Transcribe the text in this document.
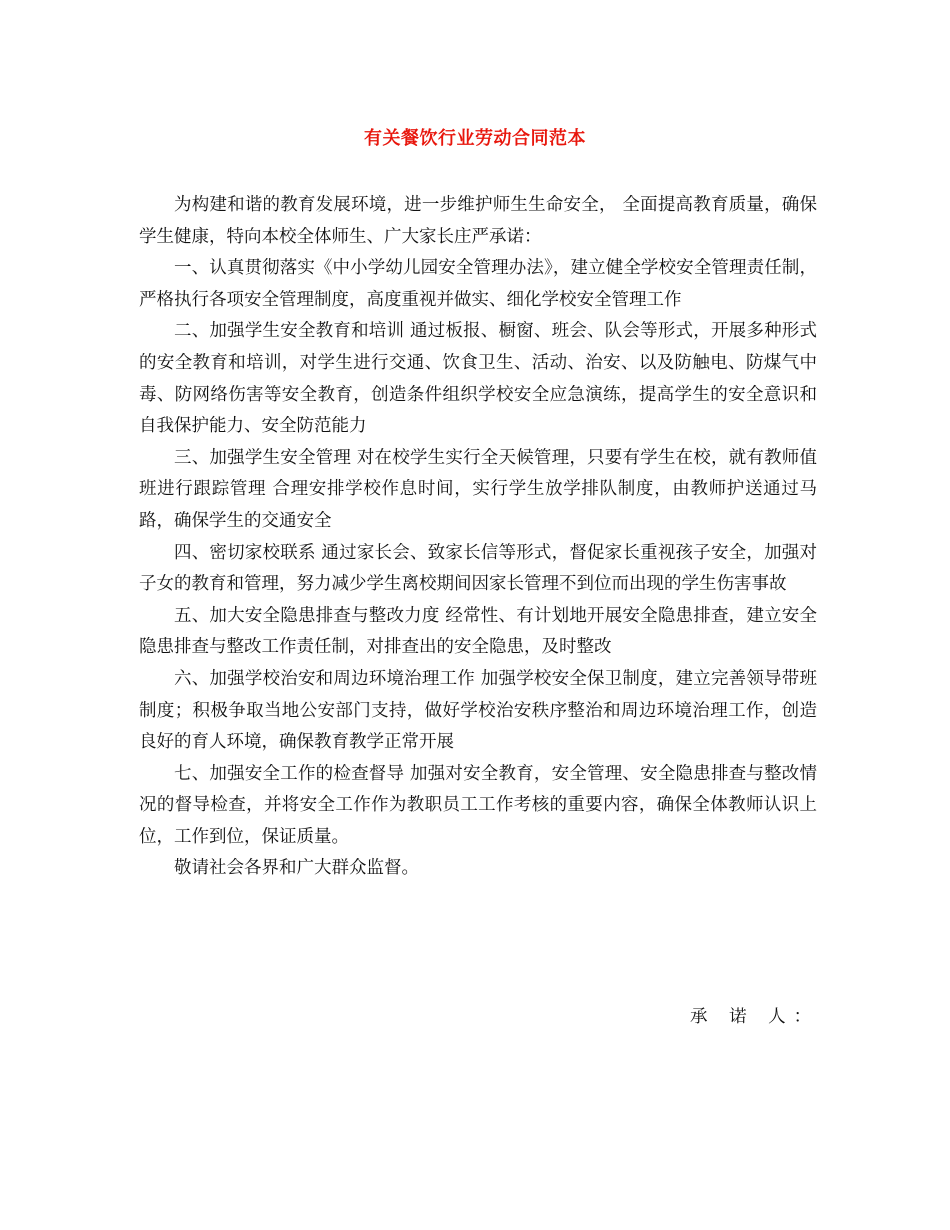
有关餐饮行业劳动合同范本

为构建和谐的教育发展环境，进一步维护师生生命安全， 全面提高教育质量，确保学生健康，特向本校全体师生、广大家长庄严承诺：

一、认真贯彻落实《中小学幼儿园安全管理办法》，建立健全学校安全管理责任制，严格执行各项安全管理制度，高度重视并做实、细化学校安全管理工作

二、加强学生安全教育和培训 通过板报、橱窗、班会、队会等形式，开展多种形式的安全教育和培训，对学生进行交通、饮食卫生、活动、治安、以及防触电、防煤气中毒、防网络伤害等安全教育，创造条件组织学校安全应急演练，提高学生的安全意识和自我保护能力、安全防范能力

三、加强学生安全管理 对在校学生实行全天候管理，只要有学生在校，就有教师值班进行跟踪管理 合理安排学校作息时间，实行学生放学排队制度，由教师护送通过马路，确保学生的交通安全

四、密切家校联系 通过家长会、致家长信等形式，督促家长重视孩子安全，加强对子女的教育和管理，努力减少学生离校期间因家长管理不到位而出现的学生伤害事故

五、加大安全隐患排查与整改力度 经常性、有计划地开展安全隐患排查，建立安全隐患排查与整改工作责任制，对排查出的安全隐患，及时整改

六、加强学校治安和周边环境治理工作 加强学校安全保卫制度，建立完善领导带班制度；积极争取当地公安部门支持，做好学校治安秩序整治和周边环境治理工作，创造良好的育人环境，确保教育教学正常开展

七、加强安全工作的检查督导 加强对安全教育，安全管理、安全隐患排查与整改情况的督导检查，并将安全工作作为教职员工工作考核的重要内容，确保全体教师认识上位，工作到位，保证质量。

敬请社会各界和广大群众监督。

承 诺 人：
